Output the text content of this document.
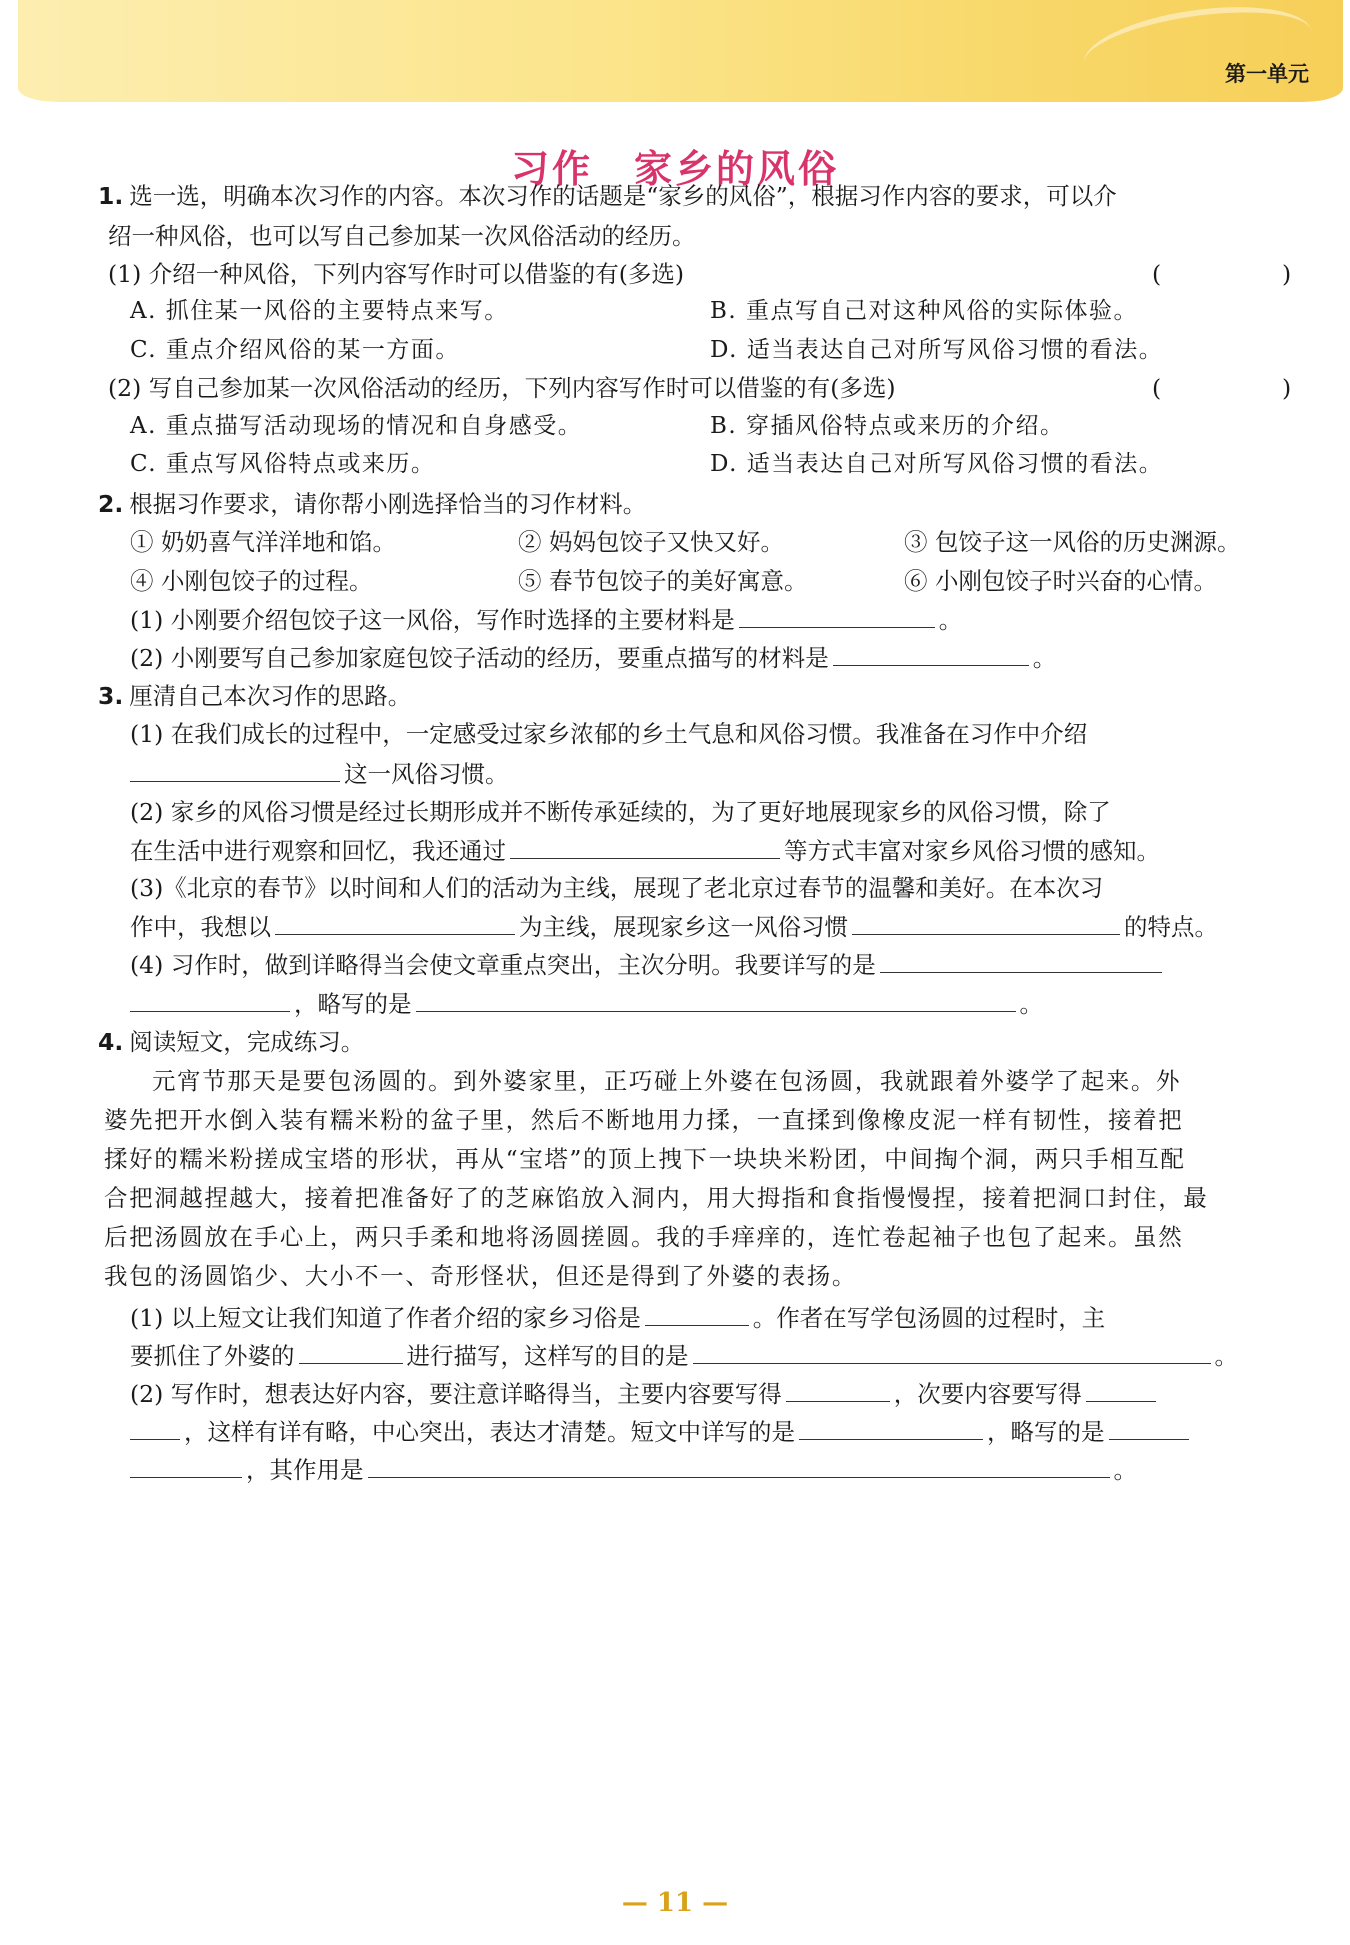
第一单元
习作　家乡的风俗
1. 选一选，明确本次习作的内容。本次习作的话题是“家乡的风俗”，根据习作内容的要求，可以介
绍一种风俗，也可以写自己参加某一次风俗活动的经历。
(1) 介绍一种风俗，下列内容写作时可以借鉴的有(多选)	(	)
A. 抓住某一风俗的主要特点来写。	B. 重点写自己对这种风俗的实际体验。
C. 重点介绍风俗的某一方面。	D. 适当表达自己对所写风俗习惯的看法。
(2) 写自己参加某一次风俗活动的经历，下列内容写作时可以借鉴的有(多选)	(	)
A. 重点描写活动现场的情况和自身感受。	B. 穿插风俗特点或来历的介绍。
C. 重点写风俗特点或来历。	D. 适当表达自己对所写风俗习惯的看法。
2. 根据习作要求，请你帮小刚选择恰当的习作材料。
① 奶奶喜气洋洋地和馅。	② 妈妈包饺子又快又好。	③ 包饺子这一风俗的历史渊源。
④ 小刚包饺子的过程。	⑤ 春节包饺子的美好寓意。	⑥ 小刚包饺子时兴奋的心情。
(1) 小刚要介绍包饺子这一风俗，写作时选择的主要材料是	。
(2) 小刚要写自己参加家庭包饺子活动的经历，要重点描写的材料是	。
3. 厘清自己本次习作的思路。
(1) 在我们成长的过程中，一定感受过家乡浓郁的乡土气息和风俗习惯。我准备在习作中介绍
这一风俗习惯。
(2) 家乡的风俗习惯是经过长期形成并不断传承延续的，为了更好地展现家乡的风俗习惯，除了
在生活中进行观察和回忆，我还通过	等方式丰富对家乡风俗习惯的感知。
(3)《北京的春节》以时间和人们的活动为主线，展现了老北京过春节的温馨和美好。在本次习
作中，我想以	为主线，展现家乡这一风俗习惯	的特点。
(4) 习作时，做到详略得当会使文章重点突出，主次分明。我要详写的是
，略写的是	。
4. 阅读短文，完成练习。
元宵节那天是要包汤圆的。到外婆家里，正巧碰上外婆在包汤圆，我就跟着外婆学了起来。外
婆先把开水倒入装有糯米粉的盆子里，然后不断地用力揉，一直揉到像橡皮泥一样有韧性，接着把
揉好的糯米粉搓成宝塔的形状，再从“宝塔”的顶上拽下一块块米粉团，中间掏个洞，两只手相互配
合把洞越捏越大，接着把准备好了的芝麻馅放入洞内，用大拇指和食指慢慢捏，接着把洞口封住，最
后把汤圆放在手心上，两只手柔和地将汤圆搓圆。我的手痒痒的，连忙卷起袖子也包了起来。虽然
我包的汤圆馅少、大小不一、奇形怪状，但还是得到了外婆的表扬。
(1) 以上短文让我们知道了作者介绍的家乡习俗是	。作者在写学包汤圆的过程时，主
要抓住了外婆的	进行描写，这样写的目的是	。
(2) 写作时，想表达好内容，要注意详略得当，主要内容要写得	，次要内容要写得
，这样有详有略，中心突出，表达才清楚。短文中详写的是	，略写的是
，其作用是	。
— 11 —
